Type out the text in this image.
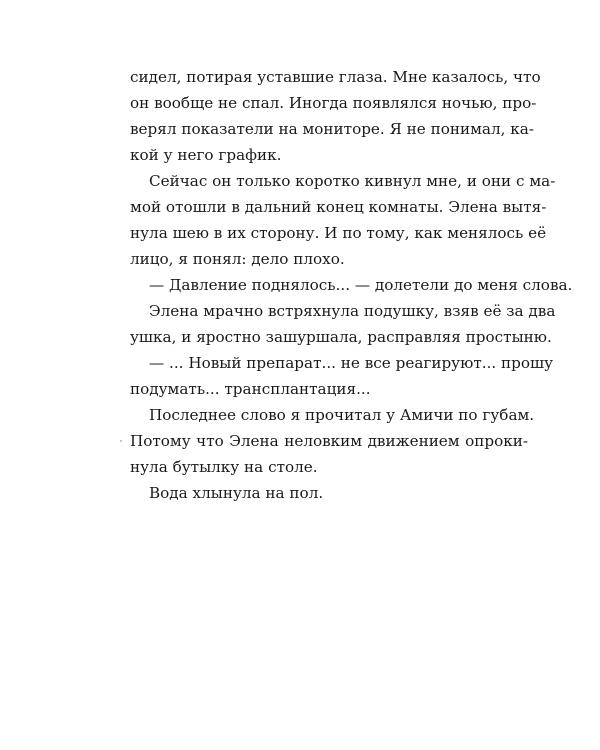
сидел, потирая уставшие глаза. Мне казалось, что
он вообще не спал. Иногда появлялся ночью, про-
верял показатели на мониторе. Я не понимал, ка-
кой у него график.
Сейчас он только коротко кивнул мне, и они с ма-
мой отошли в дальний конец комнаты. Элена вытя-
нула шею в их сторону. И по тому, как менялось её
лицо, я понял: дело плохо.
— Давление поднялось... — долетели до меня слова.
Элена мрачно встряхнула подушку, взяв её за два
ушка, и яростно зашуршала, расправляя простыню.
— ... Новый препарат... не все реагируют... прошу
подумать... трансплантация...
Последнее слово я прочитал у Амичи по губам.
Потому что Элена неловким движением опроки-
нула бутылку на столе.
Вода хлынула на пол.
